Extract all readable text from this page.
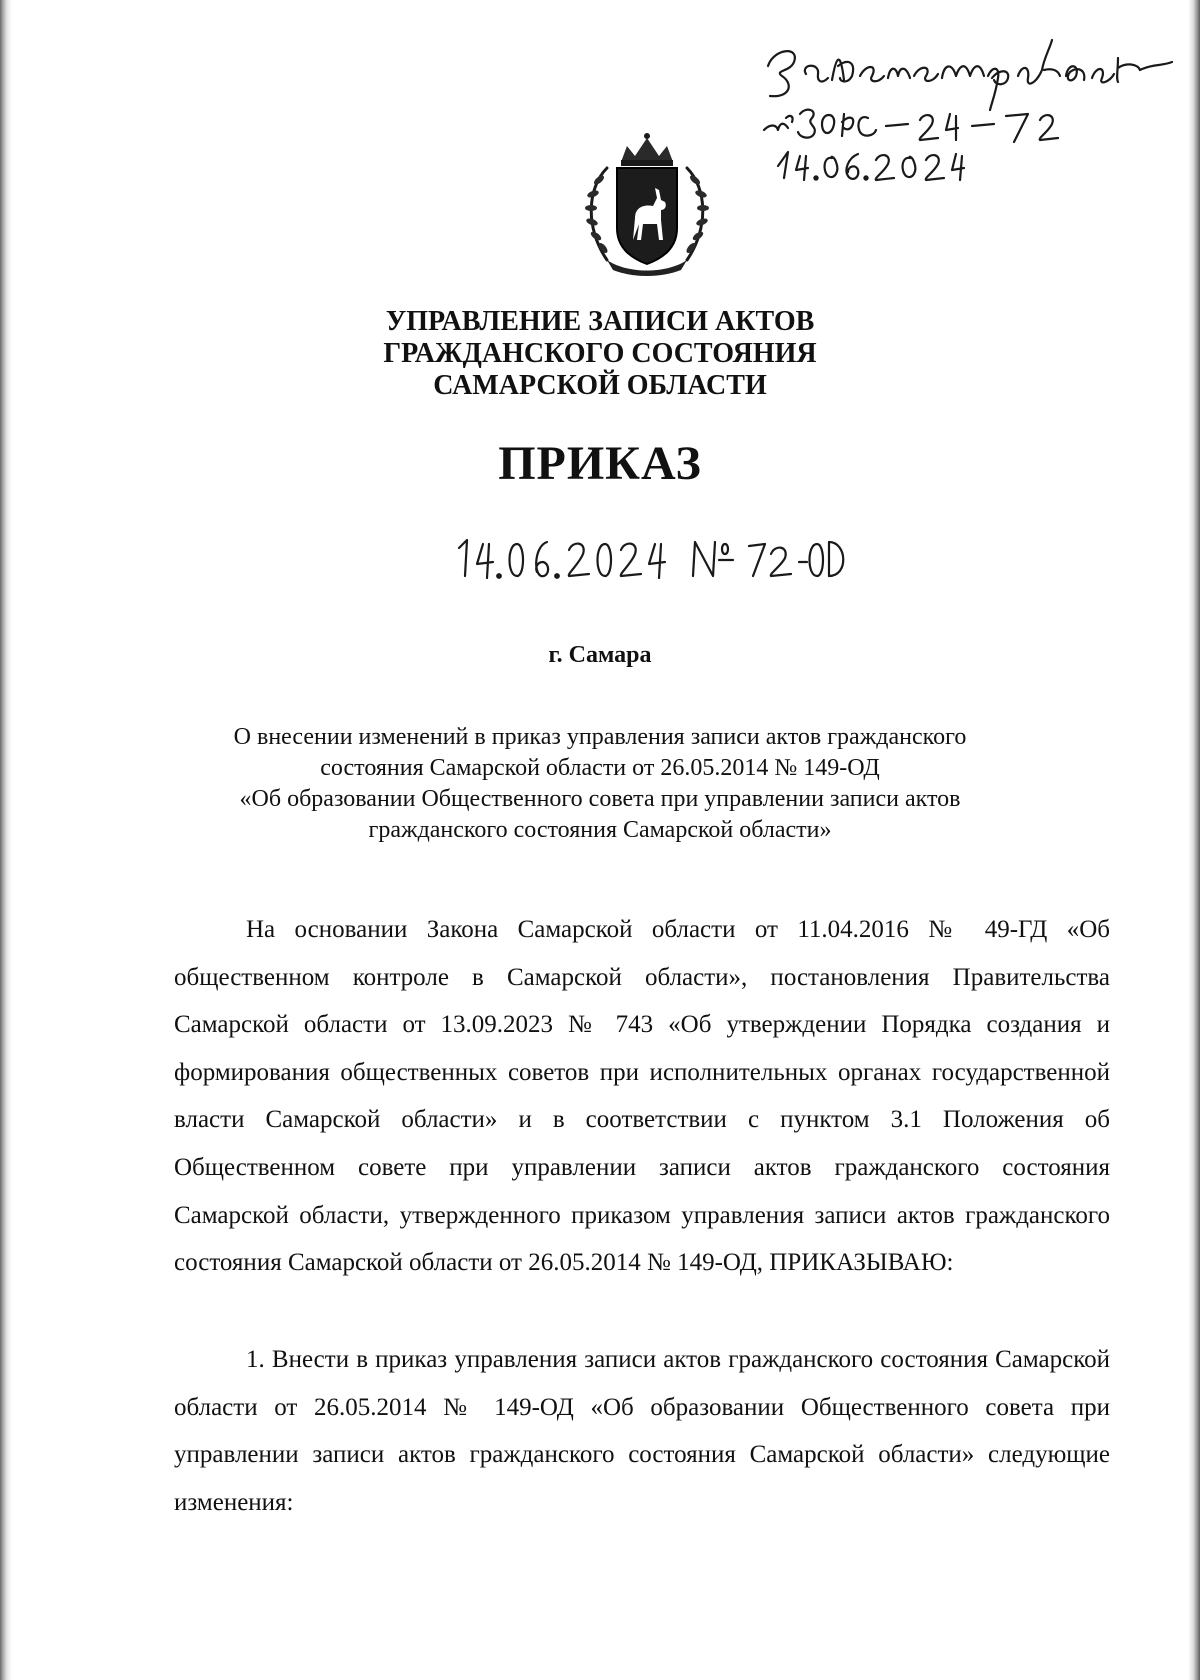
УПРАВЛЕНИЕ ЗАПИСИ АКТОВ
ГРАЖДАНСКОГО СОСТОЯНИЯ
САМАРСКОЙ ОБЛАСТИ
ПРИКАЗ
г. Самара
О внесении изменений в приказ управления записи актов гражданского
состояния Самарской области от 26.05.2014 № 149-ОД
«Об образовании Общественного совета при управлении записи актов
гражданского состояния Самарской области»

На основании Закона Самарской области от 11.04.2016 № 49-ГД «Об общественном контроле в Самарской области», постановления Правительства Самарской области от 13.09.2023 № 743 «Об утверждении Порядка создания и формирования общественных советов при исполнительных органах государственной власти Самарской области» и в соответствии с пунктом 3.1 Положения об Общественном совете при управлении записи актов гражданского состояния Самарской области, утвержденного приказом управления записи актов гражданского состояния Самарской области от 26.05.2014 № 149-ОД, ПРИКАЗЫВАЮ:

1. Внести в приказ управления записи актов гражданского состояния Самарской области от 26.05.2014 № 149-ОД «Об образовании Общественного совета при управлении записи актов гражданского состояния Самарской области» следующие изменения:
